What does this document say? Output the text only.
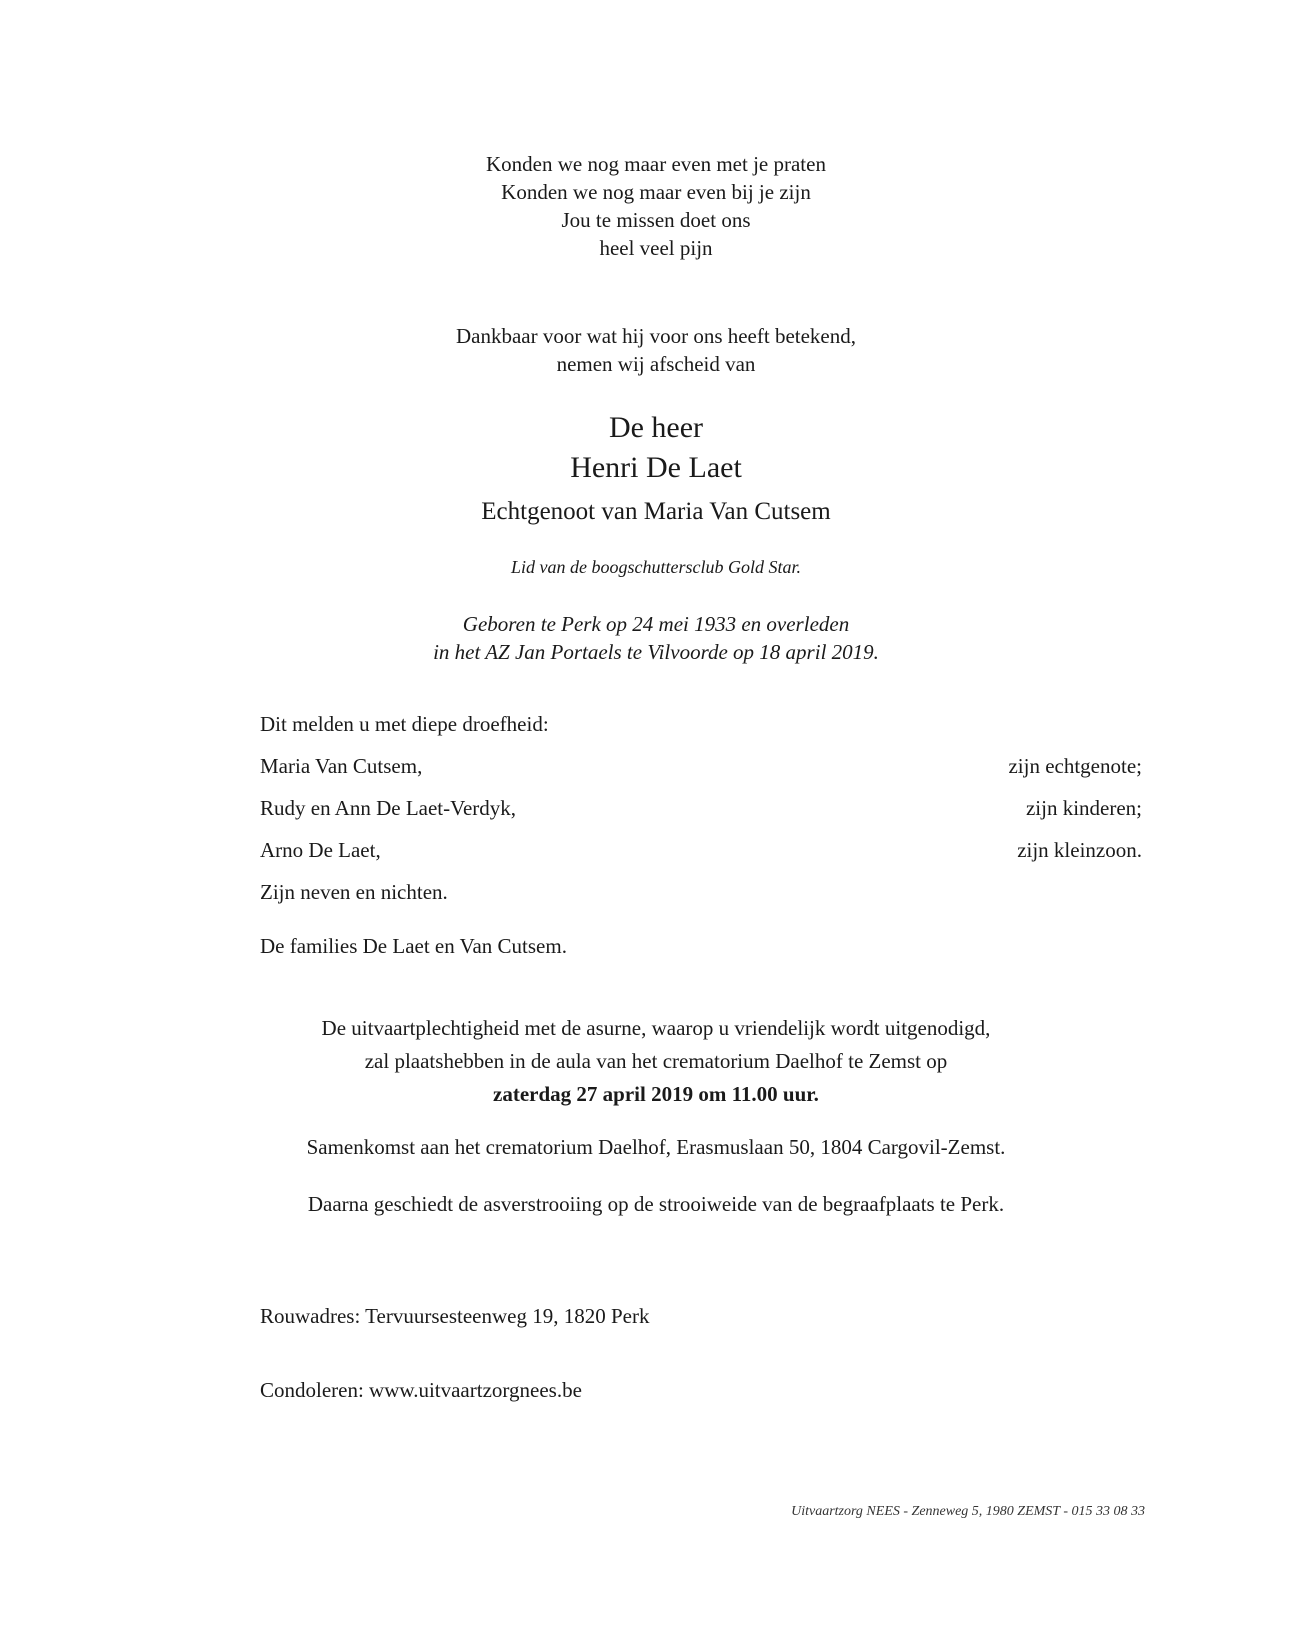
Konden we nog maar even met je praten
Konden we nog maar even bij je zijn
Jou te missen doet ons
heel veel pijn
Dankbaar voor wat hij voor ons heeft betekend,
nemen wij afscheid van
De heer
Henri De Laet
Echtgenoot van Maria Van Cutsem
Lid van de boogschuttersclub Gold Star.
Geboren te Perk op 24 mei 1933 en overleden
in het AZ Jan Portaels te Vilvoorde op 18 april 2019.
Dit melden u met diepe droefheid:
Maria Van Cutsem,	zijn echtgenote;
Rudy en Ann De Laet-Verdyk,	zijn kinderen;
Arno De Laet,	zijn kleinzoon.
Zijn neven en nichten.
De families De Laet en Van Cutsem.
De uitvaartplechtigheid met de asurne, waarop u vriendelijk wordt uitgenodigd,
zal plaatshebben in de aula van het crematorium Daelhof te Zemst op
zaterdag 27 april 2019 om 11.00 uur.
Samenkomst aan het crematorium Daelhof, Erasmuslaan 50, 1804 Cargovil-Zemst.
Daarna geschiedt de asverstrooiing op de strooiweide van de begraafplaats te Perk.
Rouwadres: Tervuursesteenweg 19, 1820 Perk
Condoleren: www.uitvaartzorgnees.be
Uitvaartzorg NEES - Zenneweg 5, 1980 ZEMST - 015 33 08 33
